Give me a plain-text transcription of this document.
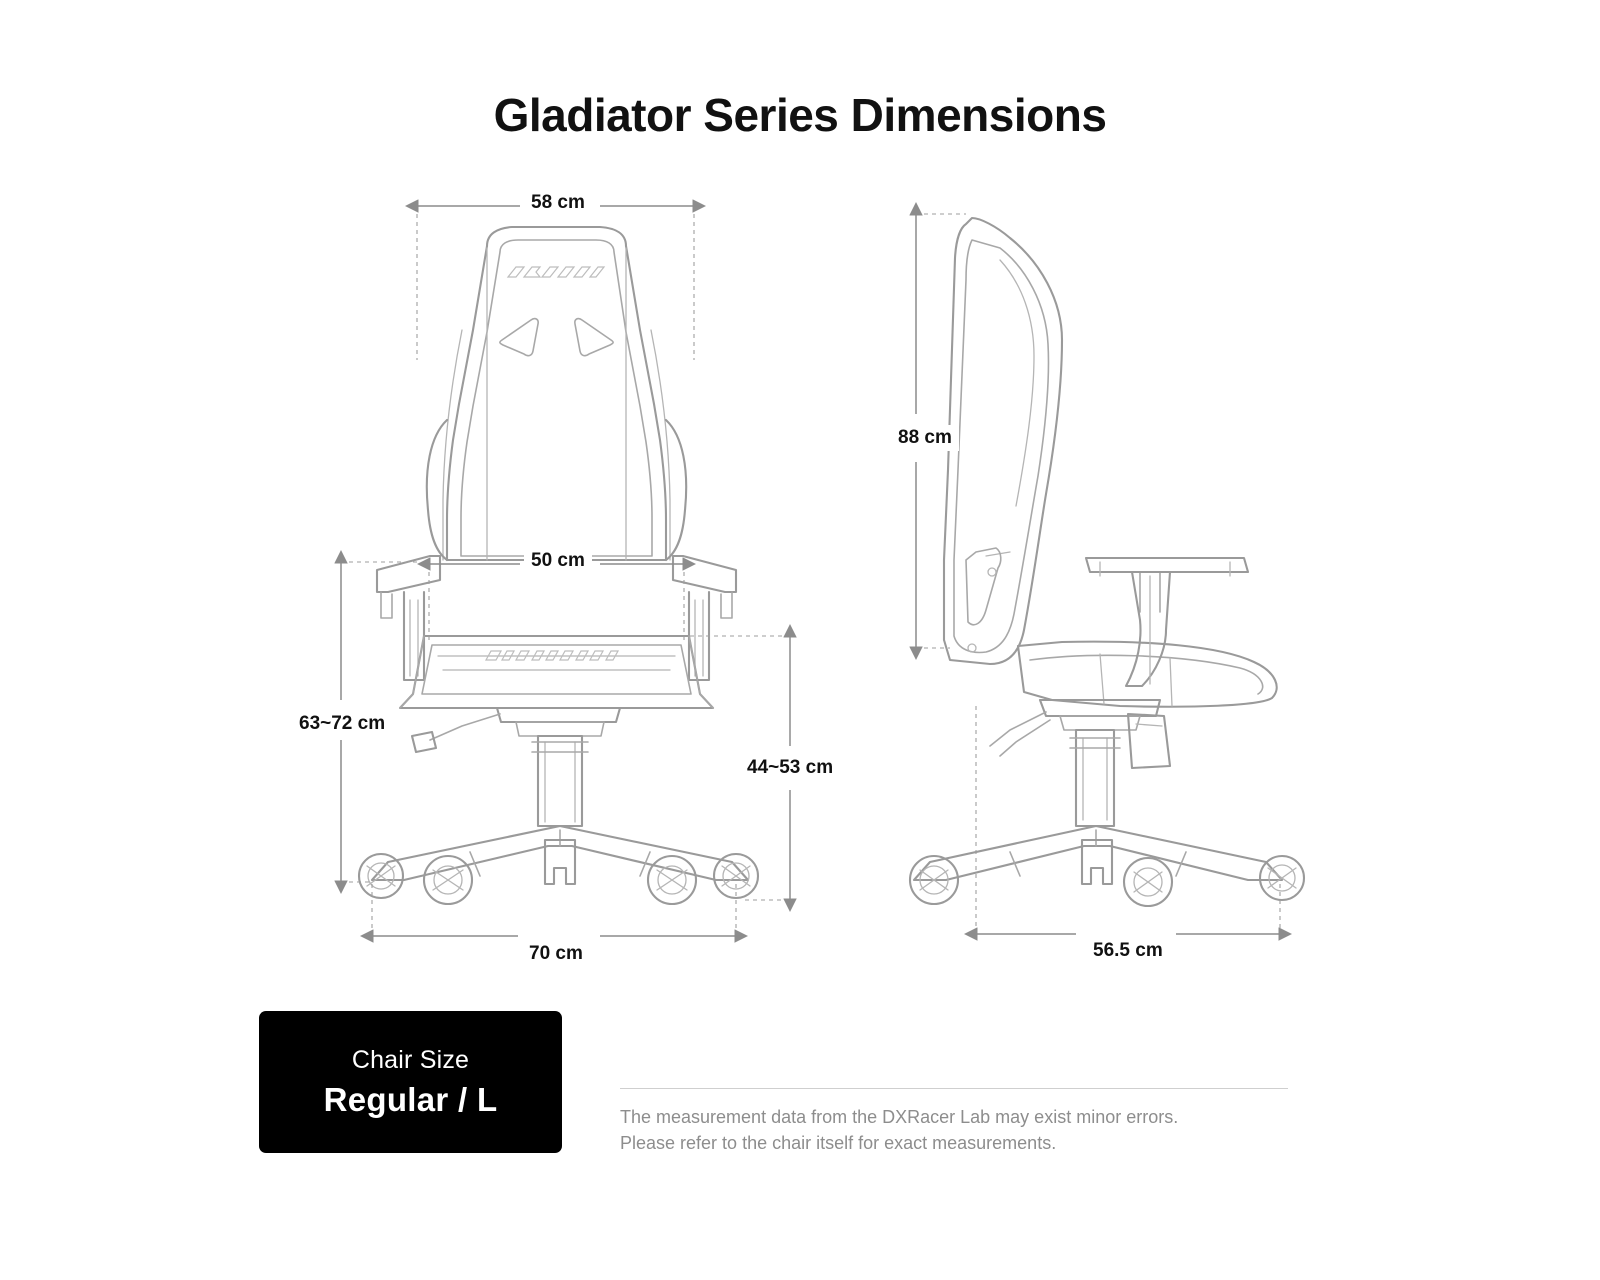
Gladiator Series Dimensions
58 cm
50 cm
63~72 cm
44~53 cm
70 cm
88 cm
56.5 cm
Chair Size
Regular / L	The measurement data from the DXRacer Lab may exist minor errors.

Please refer to the chair itself for exact measurements.
